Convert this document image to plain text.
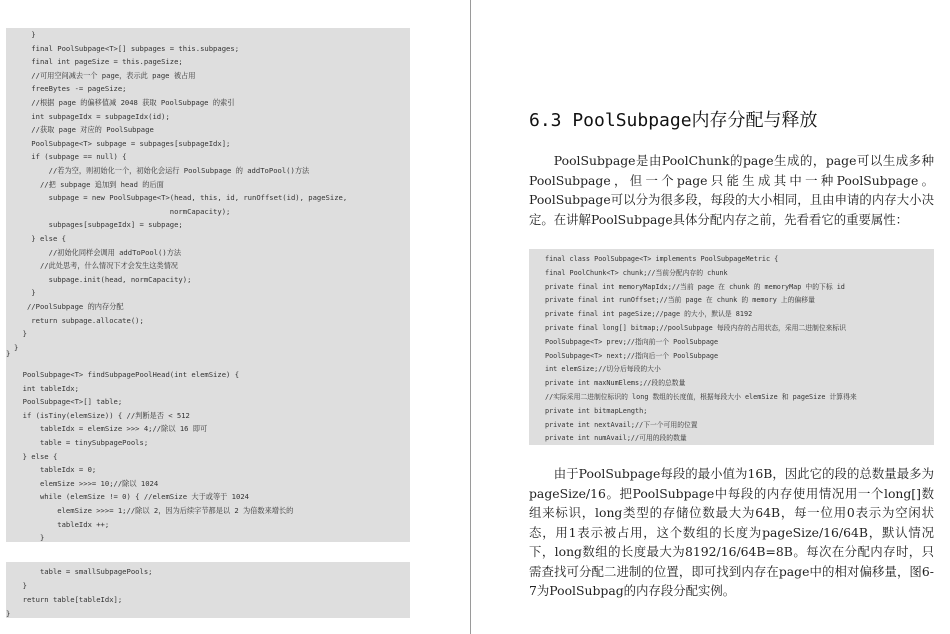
}
final PoolSubpage<T>[] subpages = this.subpages;
final int pageSize = this.pageSize;
//可用空间减去一个 page，表示此 page 被占用
freeBytes -= pageSize;
//根据 page 的偏移值减 2048 获取 PoolSubpage 的索引
int subpageIdx = subpageIdx(id);
//获取 page 对应的 PoolSubpage
PoolSubpage<T> subpage = subpages[subpageIdx];
if (subpage == null) {
//若为空，则初始化一个，初始化会运行 PoolSubpage 的 addToPool()方法
//把 subpage 追加到 head 的后面
subpage = new PoolSubpage<T>(head, this, id, runOffset(id), pageSize,
normCapacity);
subpages[subpageIdx] = subpage;
} else {
//初始化同样会调用 addToPool()方法
//此处思考，什么情况下才会发生这类情况
subpage.init(head, normCapacity);
}
//PoolSubpage 的内存分配
return subpage.allocate();
}
}
PoolSubpage<T> findSubpagePoolHead(int elemSize) {
int tableIdx;
PoolSubpage<T>[] table;
if (isTiny(elemSize)) { //判断是否 < 512
tableIdx = elemSize >>> 4;//除以 16 即可
table = tinySubpagePools;
} else {
tableIdx = 0;
elemSize >>>= 10;//除以 1024
while (elemSize != 0) { //elemSize 大于或等于 1024
elemSize >>>= 1;//除以 2，因为后续字节都是以 2 为倍数来增长的
tableIdx ++;
}
table = smallSubpagePools;
}
return table[tableIdx];
}
}
6.3 PoolSubpage内存分配与释放
PoolSubpage是由PoolChunk的page生成的，page可以生成多种PoolSubpage，但一个page只能生成其中一种PoolSubpage。PoolSubpage可以分为很多段，每段的大小相同，且由申请的内存大小决定。在讲解PoolSubpage具体分配内存之前，先看看它的重要属性：
final class PoolSubpage<T> implements PoolSubpageMetric {
final PoolChunk<T> chunk;//当前分配内存的 chunk
private final int memoryMapIdx;//当前 page 在 chunk 的 memoryMap 中的下标 id
private final int runOffset;//当前 page 在 chunk 的 memory 上的偏移量
private final int pageSize;//page 的大小，默认是 8192
private final long[] bitmap;//poolSubpage 每段内存的占用状态，采用二进制位来标识
PoolSubpage<T> prev;//指向前一个 PoolSubpage
PoolSubpage<T> next;//指向后一个 PoolSubpage
int elemSize;//切分后每段的大小
private int maxNumElems;//段的总数量
//实际采用二进制位标识的 long 数组的长度值，根据每段大小 elemSize 和 pageSize 计算得来
private int bitmapLength;
private int nextAvail;//下一个可用的位置
private int numAvail;//可用的段的数量
由于PoolSubpage每段的最小值为16B，因此它的段的总数量最多为pageSize/16。把PoolSubpage中每段的内存使用情况用一个long[]数组来标识，long类型的存储位数最大为64B，每一位用0表示为空闲状态，用1表示被占用，这个数组的长度为pageSize/16/64B，默认情况下，long数组的长度最大为8192/16/64B=8B。每次在分配内存时，只需查找可分配二进制的位置，即可找到内存在page中的相对偏移量，图6-7为PoolSubpag的内存段分配实例。
